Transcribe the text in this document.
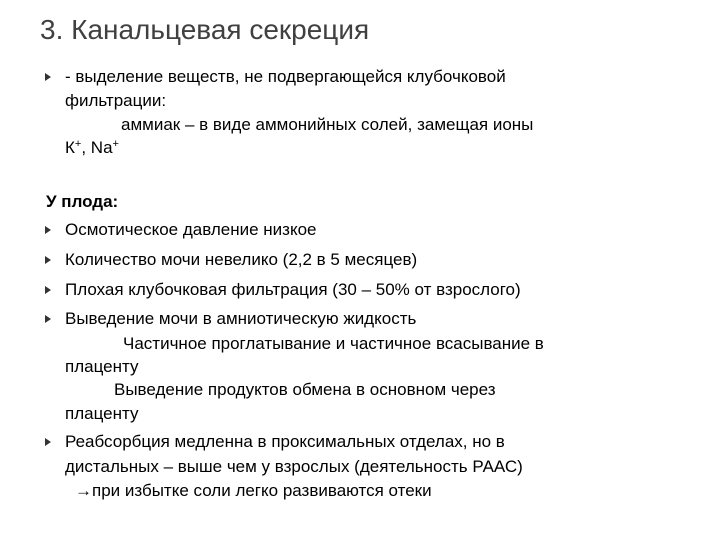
3. Канальцевая секреция
- выделение веществ, не подвергающейся клубочковой
фильтрации:
аммиак – в виде аммонийных солей, замещая ионы
К+, Na+
У плода:
Осмотическое давление низкое
Количество мочи невелико (2,2 в 5 месяцев)
Плохая клубочковая фильтрация (30 – 50% от взрослого)
Выведение мочи в амниотическую жидкость
Частичное проглатывание и частичное всасывание в
плаценту
Выведение продуктов обмена в основном через
плаценту
Реабсорбция медленна в проксимальных отделах, но в
дистальных – выше чем у взрослых (деятельность РААС)
→при избытке соли легко развиваются отеки
